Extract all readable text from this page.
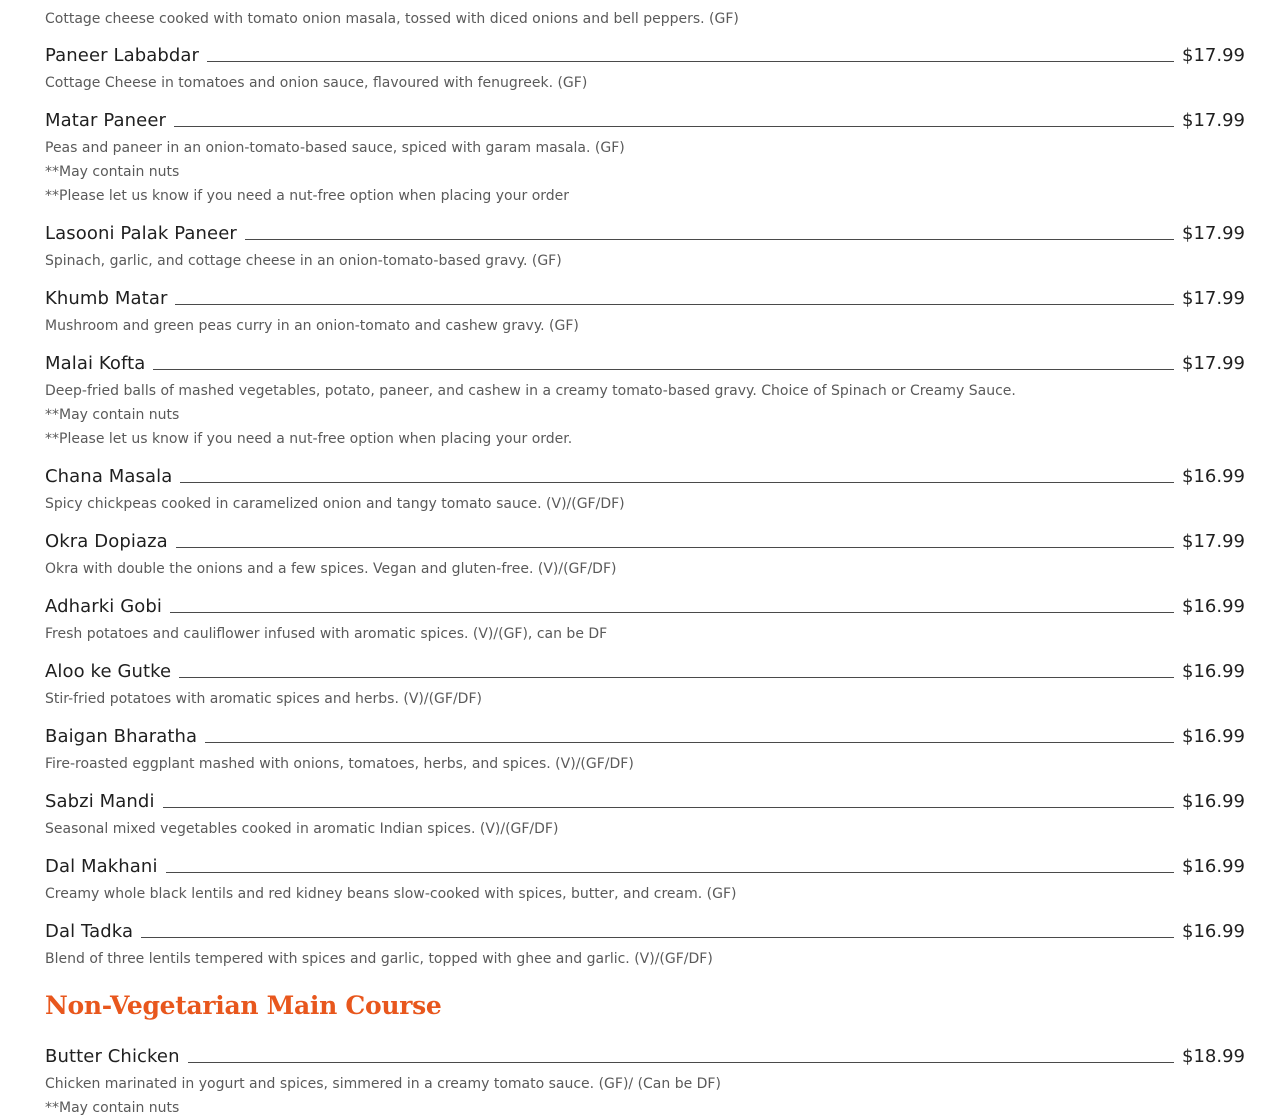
Cottage cheese cooked with tomato onion masala, tossed with diced onions and bell peppers. (GF)
Paneer Lababdar	$17.99
Cottage Cheese in tomatoes and onion sauce, flavoured with fenugreek. (GF)
Matar Paneer	$17.99
Peas and paneer in an onion-tomato-based sauce, spiced with garam masala. (GF)
**May contain nuts
**Please let us know if you need a nut-free option when placing your order
Lasooni Palak Paneer	$17.99
Spinach, garlic, and cottage cheese in an onion-tomato-based gravy. (GF)
Khumb Matar	$17.99
Mushroom and green peas curry in an onion-tomato and cashew gravy. (GF)
Malai Kofta	$17.99
Deep-fried balls of mashed vegetables, potato, paneer, and cashew in a creamy tomato-based gravy. Choice of Spinach or Creamy Sauce.
**May contain nuts
**Please let us know if you need a nut-free option when placing your order.
Chana Masala	$16.99
Spicy chickpeas cooked in caramelized onion and tangy tomato sauce. (V)/(GF/DF)
Okra Dopiaza	$17.99
Okra with double the onions and a few spices. Vegan and gluten-free. (V)/(GF/DF)
Adharki Gobi	$16.99
Fresh potatoes and cauliflower infused with aromatic spices. (V)/(GF), can be DF
Aloo ke Gutke	$16.99
Stir-fried potatoes with aromatic spices and herbs. (V)/(GF/DF)
Baigan Bharatha	$16.99
Fire-roasted eggplant mashed with onions, tomatoes, herbs, and spices. (V)/(GF/DF)
Sabzi Mandi	$16.99
Seasonal mixed vegetables cooked in aromatic Indian spices. (V)/(GF/DF)
Dal Makhani	$16.99
Creamy whole black lentils and red kidney beans slow-cooked with spices, butter, and cream. (GF)
Dal Tadka	$16.99
Blend of three lentils tempered with spices and garlic, topped with ghee and garlic. (V)/(GF/DF)
Non-Vegetarian Main Course
Butter Chicken	$18.99
Chicken marinated in yogurt and spices, simmered in a creamy tomato sauce. (GF)/ (Can be DF)
**May contain nuts
